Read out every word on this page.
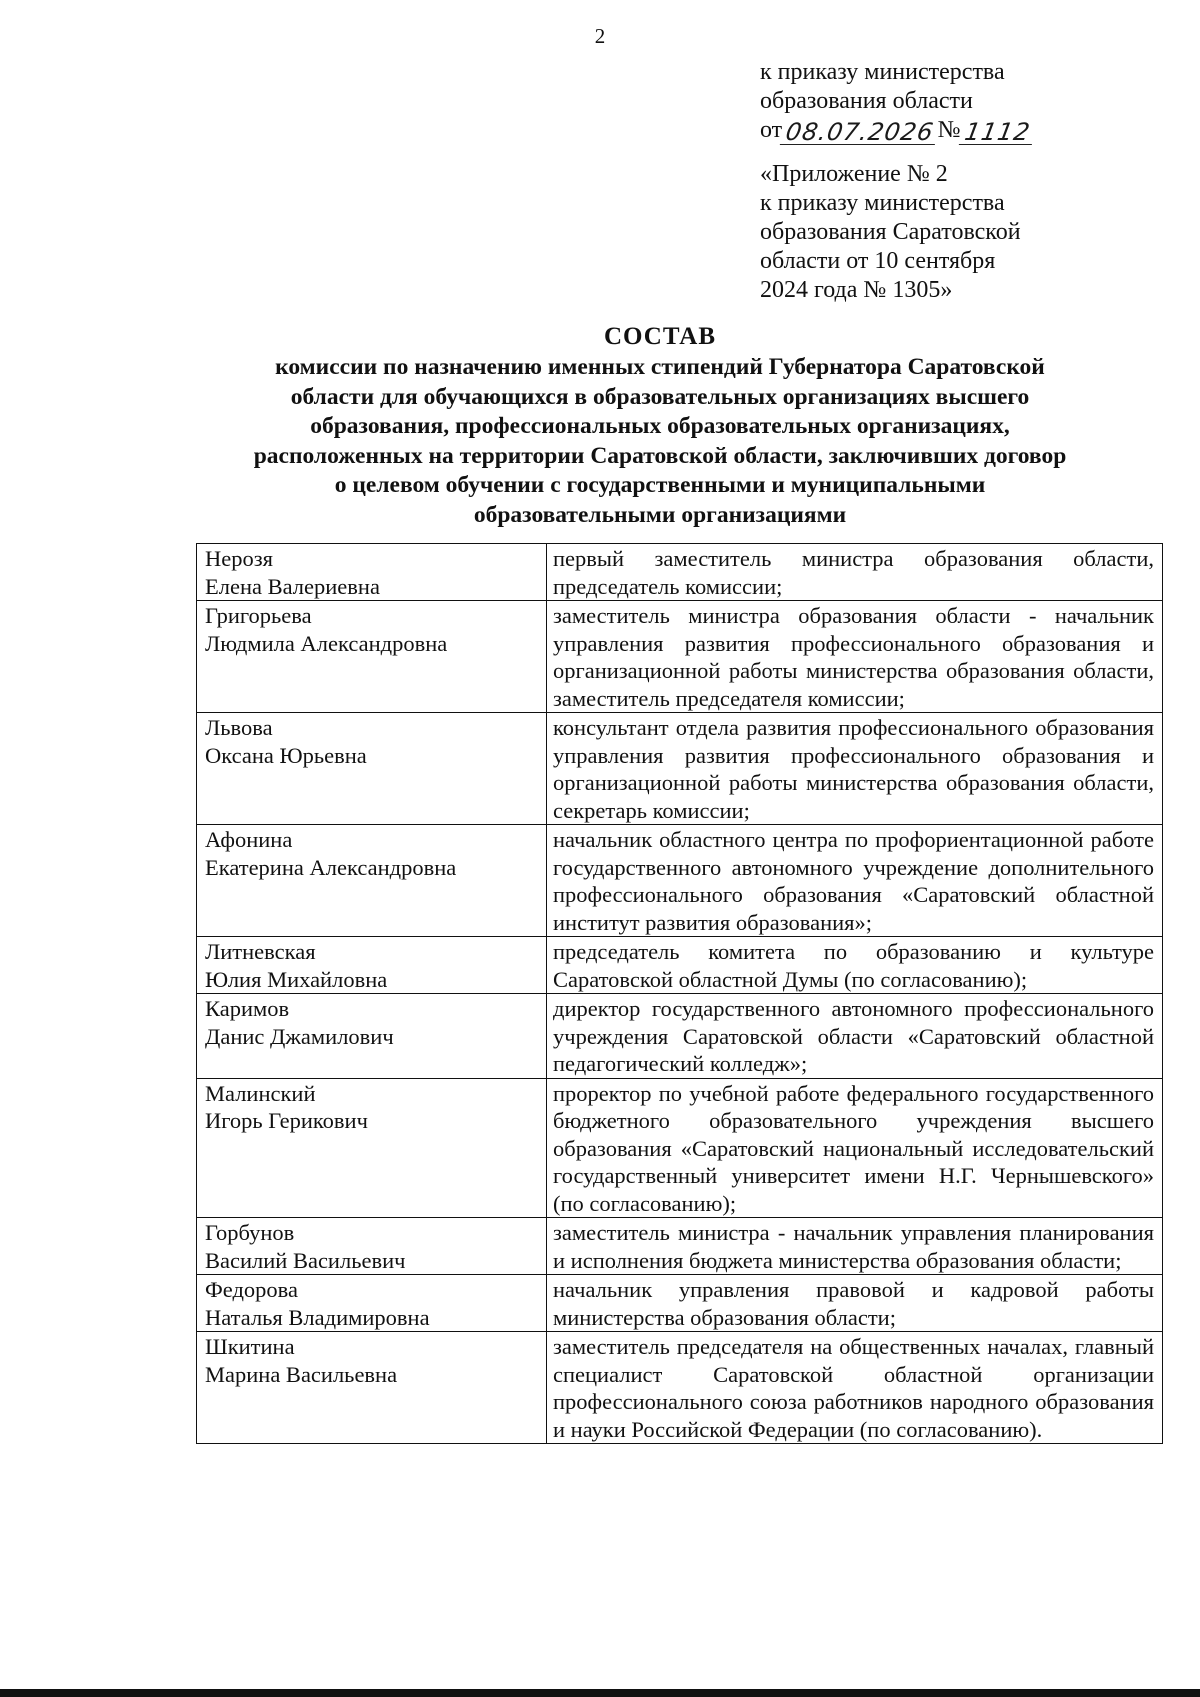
2
к приказу министерства
образования области
от 08.07.2026 № 1112
«Приложение № 2
к приказу министерства
образования Саратовской
области от 10 сентября
2024 года № 1305»
СОСТАВ
комиссии по назначению именных стипендий Губернатора Саратовской
области для обучающихся в образовательных организациях высшего
образования, профессиональных образовательных организациях,
расположенных на территории Саратовской области, заключивших договор
о целевом обучении с государственными и муниципальными
образовательными организациями
Нерозя
Елена Валериевна	первый заместитель министра образования области, председатель комиссии;

Григорьева
Людмила Александровна	заместитель министра образования области - начальник управления развития профессионального образования и организационной работы министерства образования области, заместитель председателя комиссии;

Львова
Оксана Юрьевна	консультант отдела развития профессионального образования управления развития профессионального образования и организационной работы министерства образования области, секретарь комиссии;

Афонина
Екатерина Александровна	начальник областного центра по профориентационной работе государственного автономного учреждение дополнительного профессионального образования «Саратовский областной институт развития образования»;

Литневская
Юлия Михайловна	председатель комитета по образованию и культуре Саратовской областной Думы (по согласованию);

Каримов
Данис Джамилович	директор государственного автономного профессионального учреждения Саратовской области «Саратовский областной педагогический колледж»;

Малинский
Игорь Герикович	проректор по учебной работе федерального государственного бюджетного образовательного учреждения высшего образования «Саратовский национальный исследовательский государственный университет имени Н.Г. Чернышевского» (по согласованию);

Горбунов
Василий Васильевич	заместитель министра - начальник управления планирования и исполнения бюджета министерства образования области;

Федорова
Наталья Владимировна	начальник управления правовой и кадровой работы министерства образования области;

Шкитина
Марина Васильевна	заместитель председателя на общественных началах, главный специалист Саратовской областной организации профессионального союза работников народного образования и науки Российской Федерации (по согласованию).
